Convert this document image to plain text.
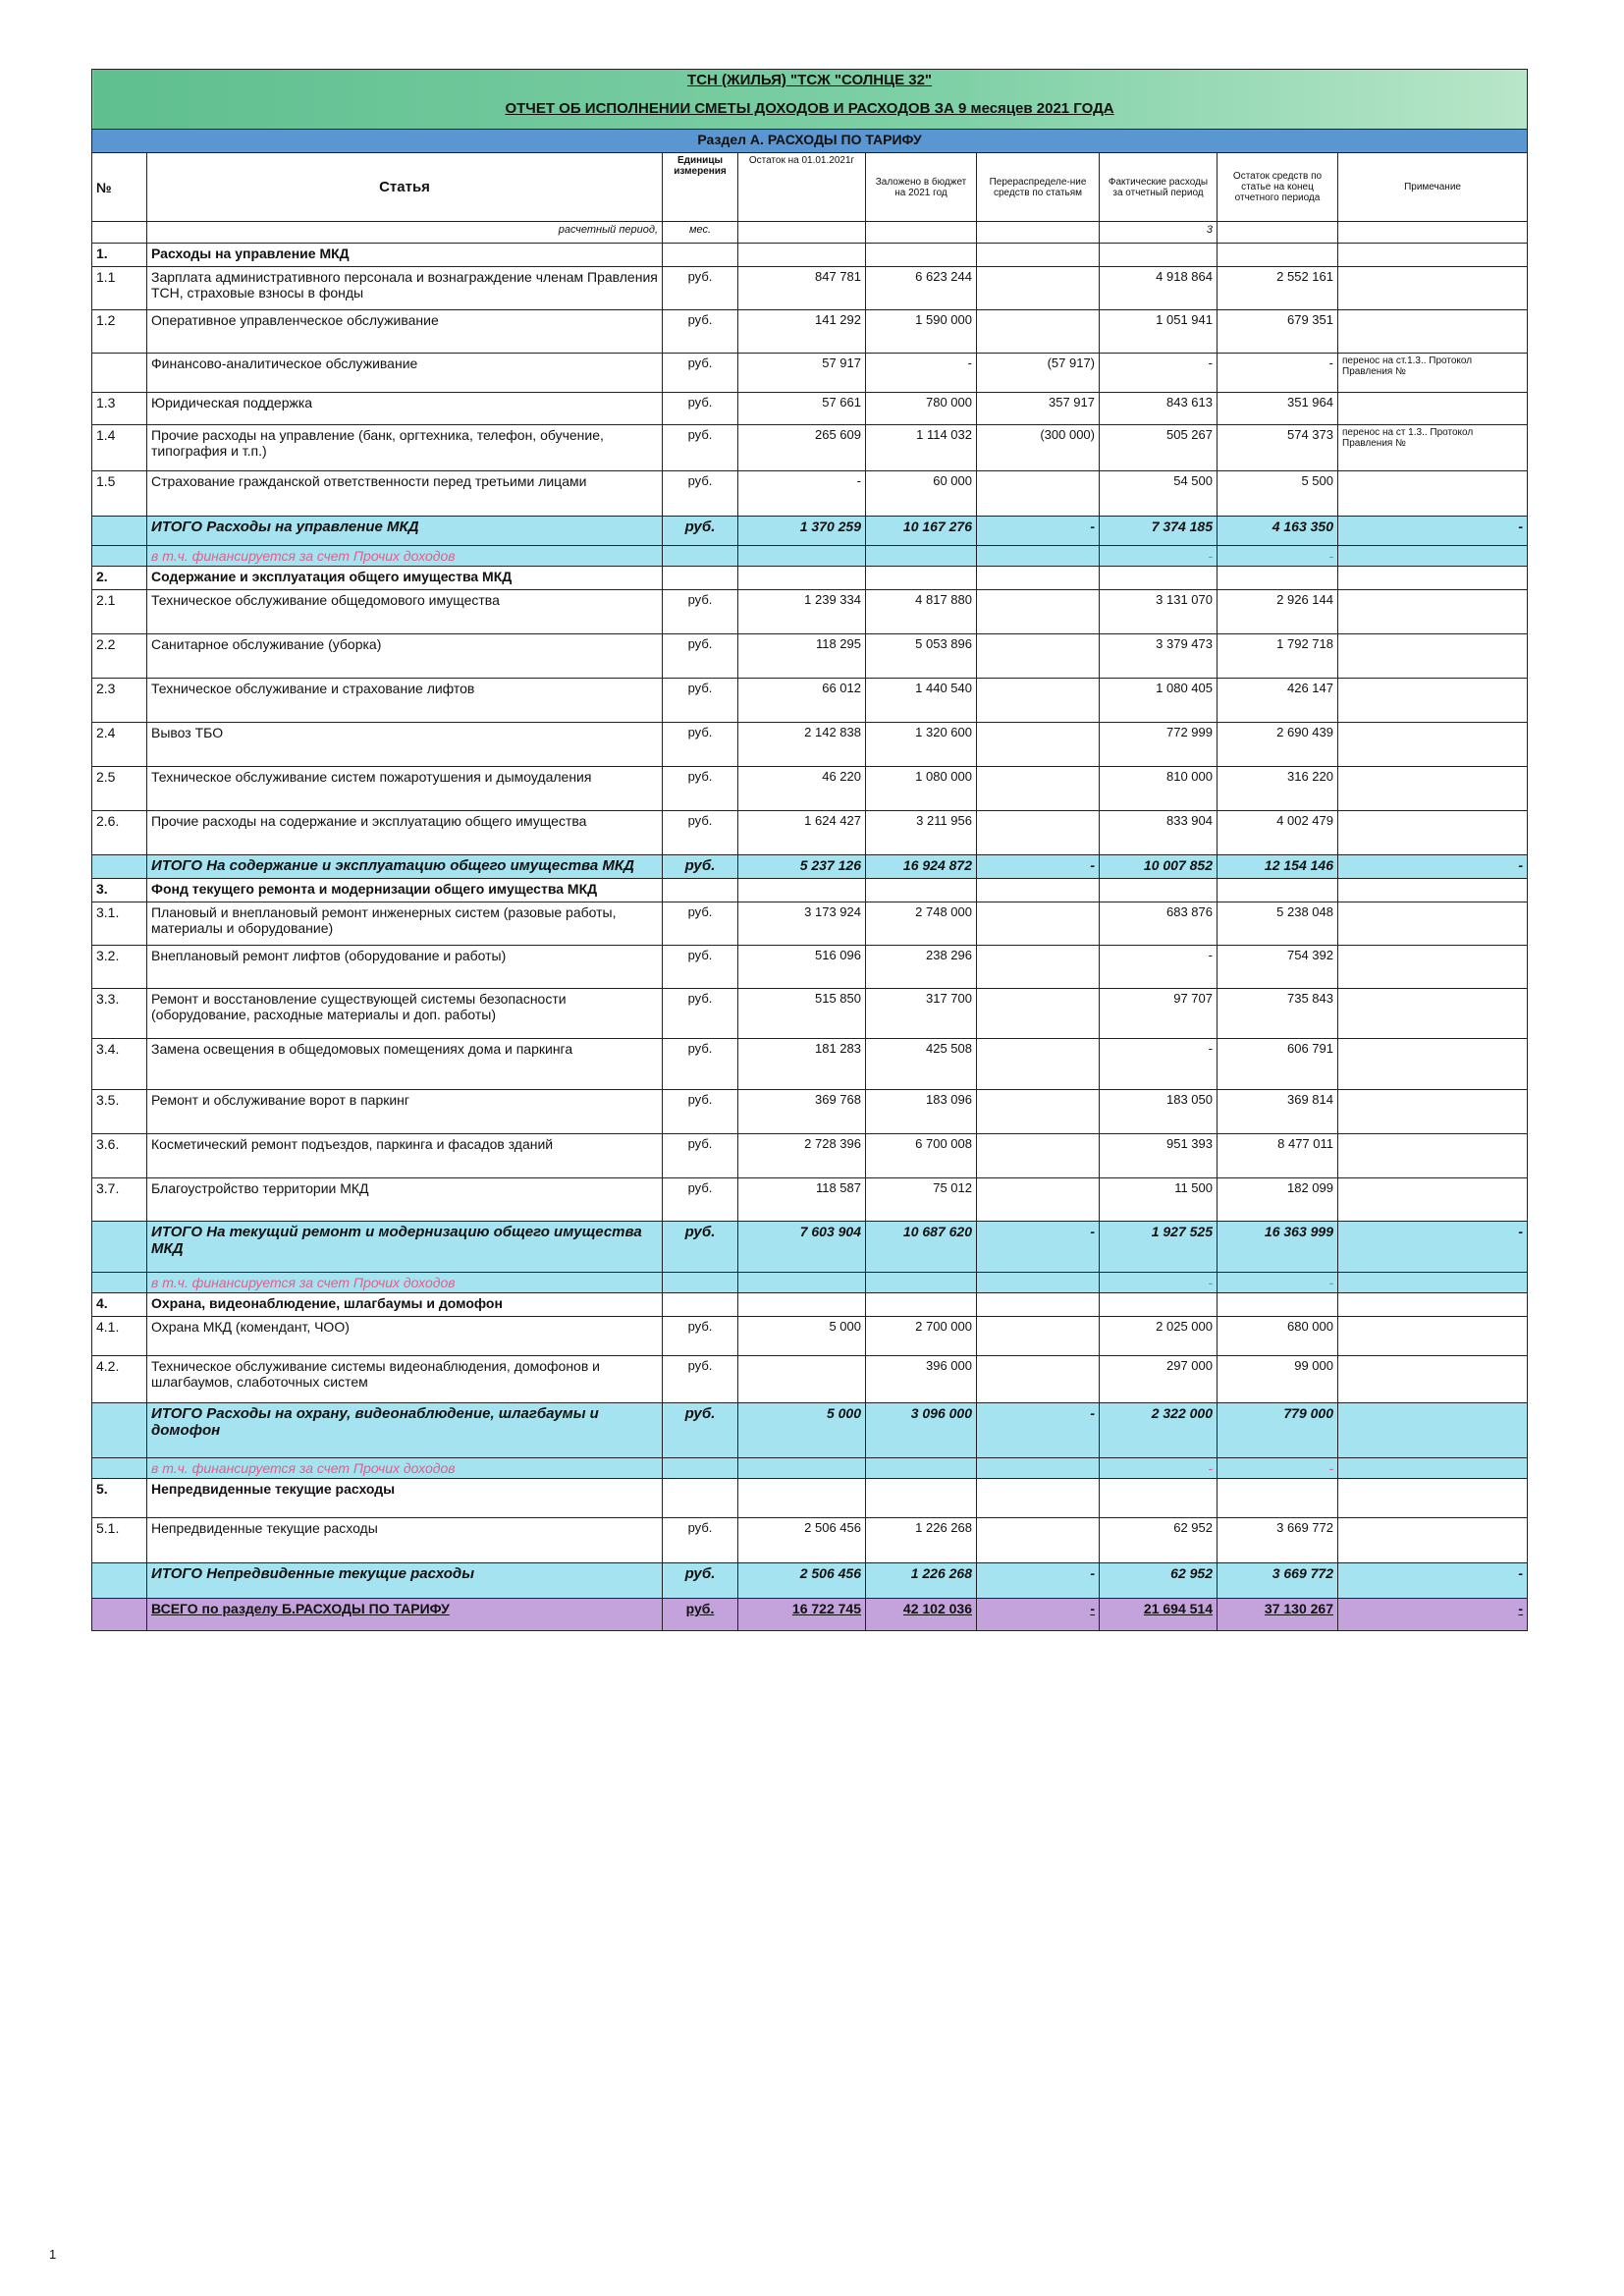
ТСН (ЖИЛЬЯ) "ТСЖ "СОЛНЦЕ 32"								
ОТЧЕТ ОБ ИСПОЛНЕНИИ СМЕТЫ ДОХОДОВ И РАСХОДОВ ЗА 9 месяцев 2021 ГОДА								
Раздел А. РАСХОДЫ ПО ТАРИФУ								
№	Статья	Единицы измерения	Остаток на 01.01.2021г	Заложено в бюджет на 2021 год	Перераспределе-ние средств по статьям	Фактические расходы за отчетный период	Остаток средств по статье на конец отчетного периода	Примечание
	расчетный период,	мес.				3		
1.	Расходы на управление МКД							
1.1	Зарплата административного персонала и вознаграждение членам Правления ТСН, страховые взносы в фонды	руб.	847 781	6 623 244		4 918 864	2 552 161	
1.2	Оперативное управленческое обслуживание	руб.	141 292	1 590 000		1 051 941	679 351	
	Финансово-аналитическое обслуживание	руб.	57 917	-	(57 917)	-	-	перенос на ст.1.3.. Протокол Правления №
1.3	Юридическая поддержка	руб.	57 661	780 000	357 917	843 613	351 964	
1.4	Прочие расходы на управление (банк, оргтехника, телефон, обучение, типография и т.п.)	руб.	265 609	1 114 032	(300 000)	505 267	574 373	перенос на ст 1.3.. Протокол Правления №
1.5	Страхование гражданской ответственности перед третьими лицами	руб.	-	60 000		54 500	5 500	
	ИТОГО Расходы на управление МКД	руб.	1 370 259	10 167 276	-	7 374 185	4 163 350	-
	в т.ч. финансируется за счет Прочих доходов					-	-	
2.	Содержание и эксплуатация общего имущества МКД							
2.1	Техническое обслуживание общедомового имущества	руб.	1 239 334	4 817 880		3 131 070	2 926 144	
2.2	Санитарное обслуживание (уборка)	руб.	118 295	5 053 896		3 379 473	1 792 718	
2.3	Техническое обслуживание и страхование лифтов	руб.	66 012	1 440 540		1 080 405	426 147	
2.4	Вывоз ТБО	руб.	2 142 838	1 320 600		772 999	2 690 439	
2.5	Техническое обслуживание систем пожаротушения и дымоудаления	руб.	46 220	1 080 000		810 000	316 220	
2.6.	Прочие расходы на содержание и эксплуатацию общего имущества	руб.	1 624 427	3 211 956		833 904	4 002 479	
	ИТОГО На содержание и эксплуатацию общего имущества МКД	руб.	5 237 126	16 924 872	-	10 007 852	12 154 146	-
3.	Фонд текущего ремонта и модернизации общего имущества МКД							
3.1.	Плановый и внеплановый ремонт инженерных систем (разовые работы, материалы и оборудование)	руб.	3 173 924	2 748 000		683 876	5 238 048	
3.2.	Внеплановый ремонт лифтов (оборудование и работы)	руб.	516 096	238 296		-	754 392	
3.3.	Ремонт и восстановление существующей системы безопасности (оборудование, расходные материалы и доп. работы)	руб.	515 850	317 700		97 707	735 843	
3.4.	Замена освещения в общедомовых помещениях дома и паркинга	руб.	181 283	425 508		-	606 791	
3.5.	Ремонт и обслуживание ворот в паркинг	руб.	369 768	183 096		183 050	369 814	
3.6.	Косметический ремонт подъездов, паркинга и фасадов зданий	руб.	2 728 396	6 700 008		951 393	8 477 011	
3.7.	Благоустройство территории МКД	руб.	118 587	75 012		11 500	182 099	
	ИТОГО На текущий ремонт и модернизацию общего имущества МКД	руб.	7 603 904	10 687 620	-	1 927 525	16 363 999	-
	в т.ч. финансируется за счет Прочих доходов					-	-	
4.	Охрана, видеонаблюдение, шлагбаумы и домофон							
4.1.	Охрана МКД (комендант, ЧОО)	руб.	5 000	2 700 000		2 025 000	680 000	
4.2.	Техническое обслуживание системы видеонаблюдения, домофонов и шлагбаумов, слаботочных систем	руб.		396 000		297 000	99 000	
	ИТОГО Расходы на охрану, видеонаблюдение, шлагбаумы и домофон	руб.	5 000	3 096 000	-	2 322 000	779 000	
	в т.ч. финансируется за счет Прочих доходов					-	-	
5.	Непредвиденные текущие расходы							
5.1.	Непредвиденные текущие расходы	руб.	2 506 456	1 226 268		62 952	3 669 772	
	ИТОГО Непредвиденные текущие расходы	руб.	2 506 456	1 226 268	-	62 952	3 669 772	-
	ВСЕГО по разделу Б.РАСХОДЫ ПО ТАРИФУ	руб.	16 722 745	42 102 036	-	21 694 514	37 130 267	-
1
